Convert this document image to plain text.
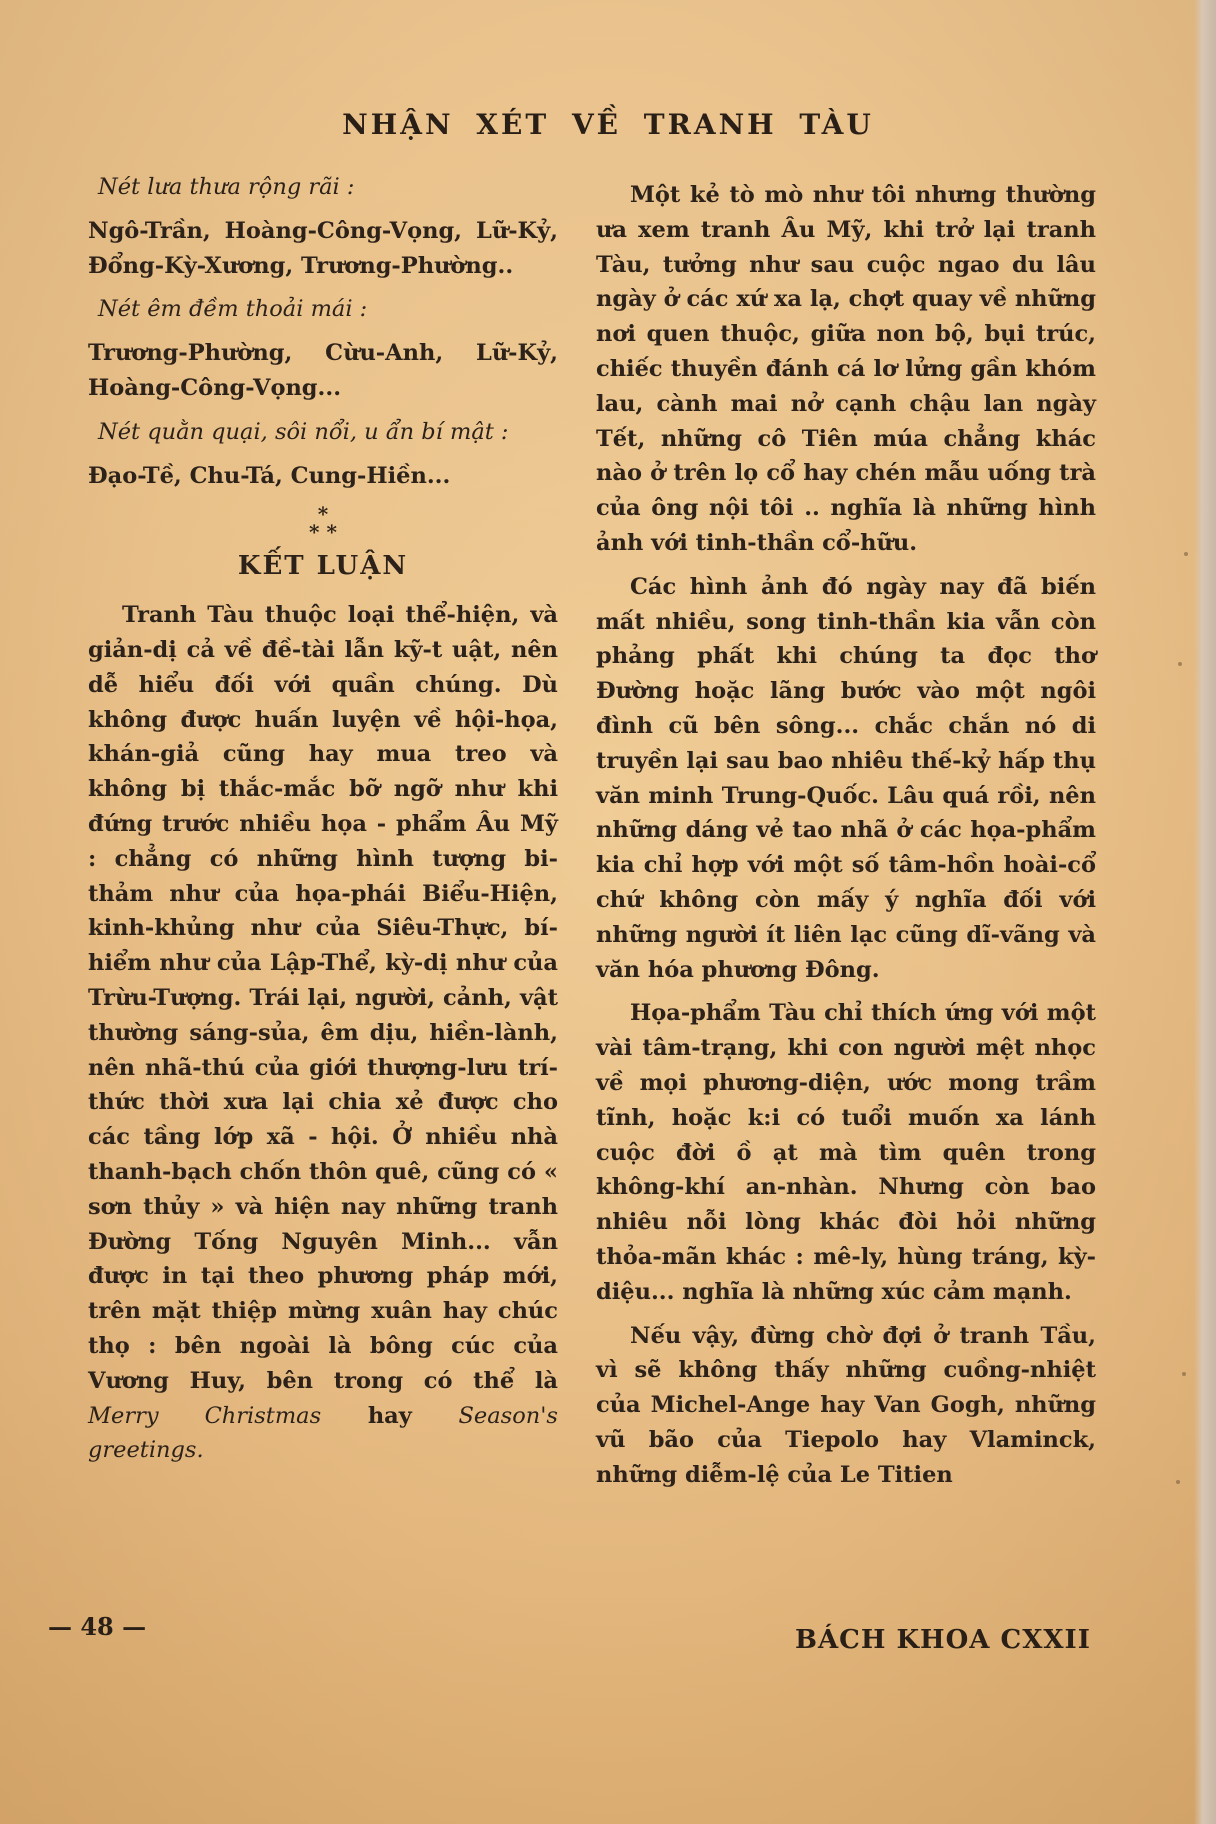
NHẬN XÉT VỀ TRANH TÀU

Nét lưa thưa rộng rãi :

Ngô-Trần, Hoàng-Công-Vọng, Lữ-Kỷ, Đổng-Kỳ-Xương, Trương-Phường..

Nét êm đềm thoải mái :

Trương-Phường, Cừu-Anh, Lữ-Kỷ, Hoàng-Công-Vọng...

Nét quằn quại, sôi nổi, u ẩn bí mật :

Đạo-Tề, Chu-Tá, Cung-Hiền...

*
* *
KẾT LUẬN

Tranh Tàu thuộc loại thể-hiện, và giản-dị cả về đề-tài lẫn kỹ-t uật, nên dễ hiểu đối với quần chúng. Dù không được huấn luyện về hội-họa, khán-giả cũng hay mua treo và không bị thắc-mắc bỡ ngỡ như khi đứng trước nhiều họa - phẩm Âu Mỹ : chẳng có những hình tượng bi-thảm như của họa-phái Biểu-Hiện, kinh-khủng như của Siêu-Thực, bí-hiểm như của Lập-Thể, kỳ-dị như của Trừu-Tượng. Trái lại, người, cảnh, vật thường sáng-sủa, êm dịu, hiền-lành, nên nhã-thú của giới thượng-lưu trí-thức thời xưa lại chia xẻ được cho các tầng lớp xã - hội. Ở nhiều nhà thanh-bạch chốn thôn quê, cũng có « sơn thủy » và hiện nay những tranh Đường Tống Nguyên Minh... vẫn được in tại theo phương pháp mới, trên mặt thiệp mừng xuân hay chúc thọ : bên ngoài là bông cúc của Vương Huy, bên trong có thể là Merry Christmas hay Season's greetings.

Một kẻ tò mò như tôi nhưng thường ưa xem tranh Âu Mỹ, khi trở lại tranh Tàu, tưởng như sau cuộc ngao du lâu ngày ở các xứ xa lạ, chợt quay về những nơi quen thuộc, giữa non bộ, bụi trúc, chiếc thuyền đánh cá lơ lửng gần khóm lau, cành mai nở cạnh chậu lan ngày Tết, những cô Tiên múa chẳng khác nào ở trên lọ cổ hay chén mẫu uống trà của ông nội tôi .. nghĩa là những hình ảnh với tinh-thần cổ-hữu.

Các hình ảnh đó ngày nay đã biến mất nhiều, song tinh-thần kia vẫn còn phảng phất khi chúng ta đọc thơ Đường hoặc lãng bước vào một ngôi đình cũ bên sông... chắc chắn nó di truyền lại sau bao nhiêu thế-kỷ hấp thụ văn minh Trung-Quốc. Lâu quá rồi, nên những dáng vẻ tao nhã ở các họa-phẩm kia chỉ hợp với một số tâm-hồn hoài-cổ chứ không còn mấy ý nghĩa đối với những người ít liên lạc cũng dĩ-vãng và văn hóa phương Đông.

Họa-phẩm Tàu chỉ thích ứng với một vài tâm-trạng, khi con người mệt nhọc về mọi phương-diện, ước mong trầm tĩnh, hoặc k:i có tuổi muốn xa lánh cuộc đời ồ ạt mà tìm quên trong không-khí an-nhàn. Nhưng còn bao nhiêu nỗi lòng khác đòi hỏi những thỏa-mãn khác : mê-ly, hùng tráng, kỳ-diệu... nghĩa là những xúc cảm mạnh.

Nếu vậy, đừng chờ đợi ở tranh Tầu, vì sẽ không thấy những cuồng-nhiệt của Michel-Ange hay Van Gogh, những vũ bão của Tiepolo hay Vlaminck, những diễm-lệ của Le Titien

— 48 —	BÁCH KHOA CXXII
